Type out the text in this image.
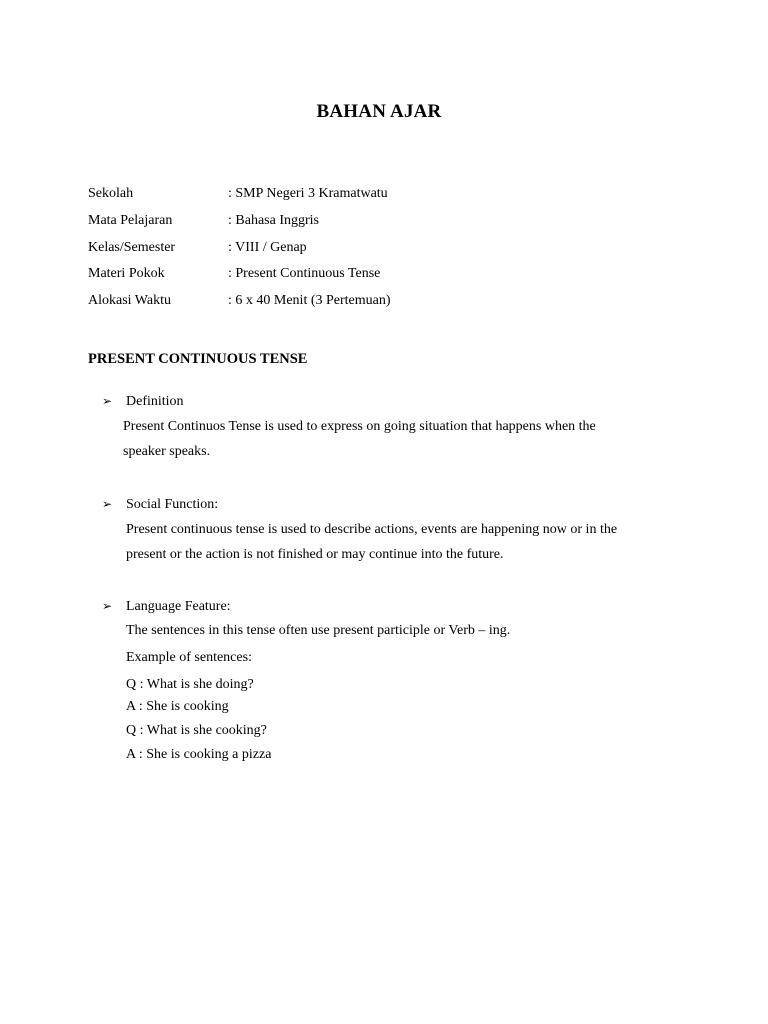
BAHAN AJAR
Sekolah	: SMP Negeri 3 Kramatwatu
Mata Pelajaran	: Bahasa Inggris
Kelas/Semester	: VIII / Genap
Materi Pokok	: Present Continuous Tense
Alokasi Waktu	: 6 x 40 Menit (3 Pertemuan)
PRESENT CONTINUOUS TENSE
➢ Definition
Present Continuos Tense is used to express on going situation that happens when the
speaker speaks.
➢ Social Function:
Present continuous tense is used to describe actions, events are happening now or in the
present or the action is not finished or may continue into the future.
➢ Language Feature:
The sentences in this tense often use present participle or Verb – ing.
Example of sentences:
Q : What is she doing?
A : She is cooking
Q : What is she cooking?
A : She is cooking a pizza
